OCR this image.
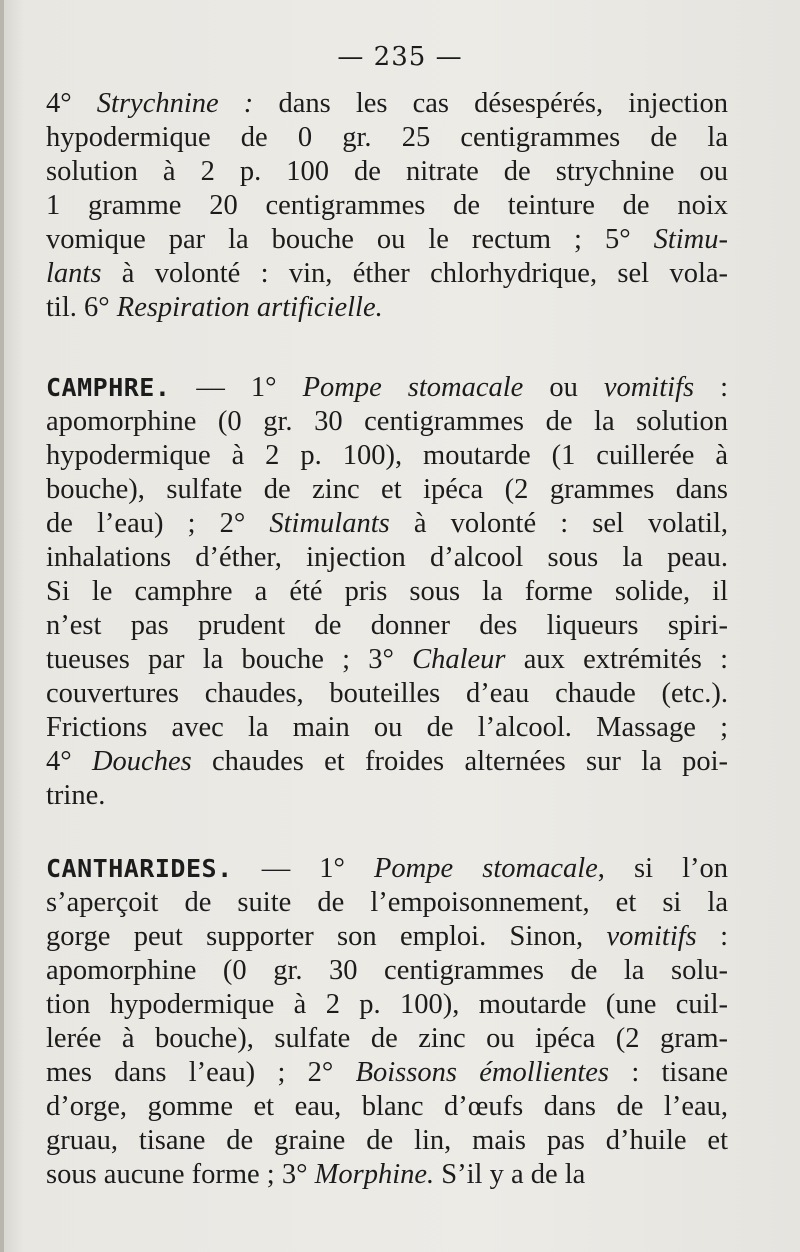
— 235 —
4° Strychnine : dans les cas désespérés, injection
hypodermique de 0 gr. 25 centigrammes de la
solution à 2 p. 100 de nitrate de strychnine ou
1 gramme 20 centigrammes de teinture de noix
vomique par la bouche ou le rectum ; 5° Stimu-
lants à volonté : vin, éther chlorhydrique, sel vola-
til. 6° Respiration artificielle.
CAMPHRE. — 1° Pompe stomacale ou vomitifs :
apomorphine (0 gr. 30 centigrammes de la solution
hypodermique à 2 p. 100), moutarde (1 cuillerée à
bouche), sulfate de zinc et ipéca (2 grammes dans
de l’eau) ; 2° Stimulants à volonté : sel volatil,
inhalations d’éther, injection d’alcool sous la peau.
Si le camphre a été pris sous la forme solide, il
n’est pas prudent de donner des liqueurs spiri-
tueuses par la bouche ; 3° Chaleur aux extrémités :
couvertures chaudes, bouteilles d’eau chaude (etc.).
Frictions avec la main ou de l’alcool. Massage ;
4° Douches chaudes et froides alternées sur la poi-
trine.
CANTHARIDES. — 1° Pompe stomacale, si l’on
s’aperçoit de suite de l’empoisonnement, et si la
gorge peut supporter son emploi. Sinon, vomitifs :
apomorphine (0 gr. 30 centigrammes de la solu-
tion hypodermique à 2 p. 100), moutarde (une cuil-
lerée à bouche), sulfate de zinc ou ipéca (2 gram-
mes dans l’eau) ; 2° Boissons émollientes : tisane
d’orge, gomme et eau, blanc d’œufs dans de l’eau,
gruau, tisane de graine de lin, mais pas d’huile et
sous aucune forme ; 3° Morphine. S’il y a de la
